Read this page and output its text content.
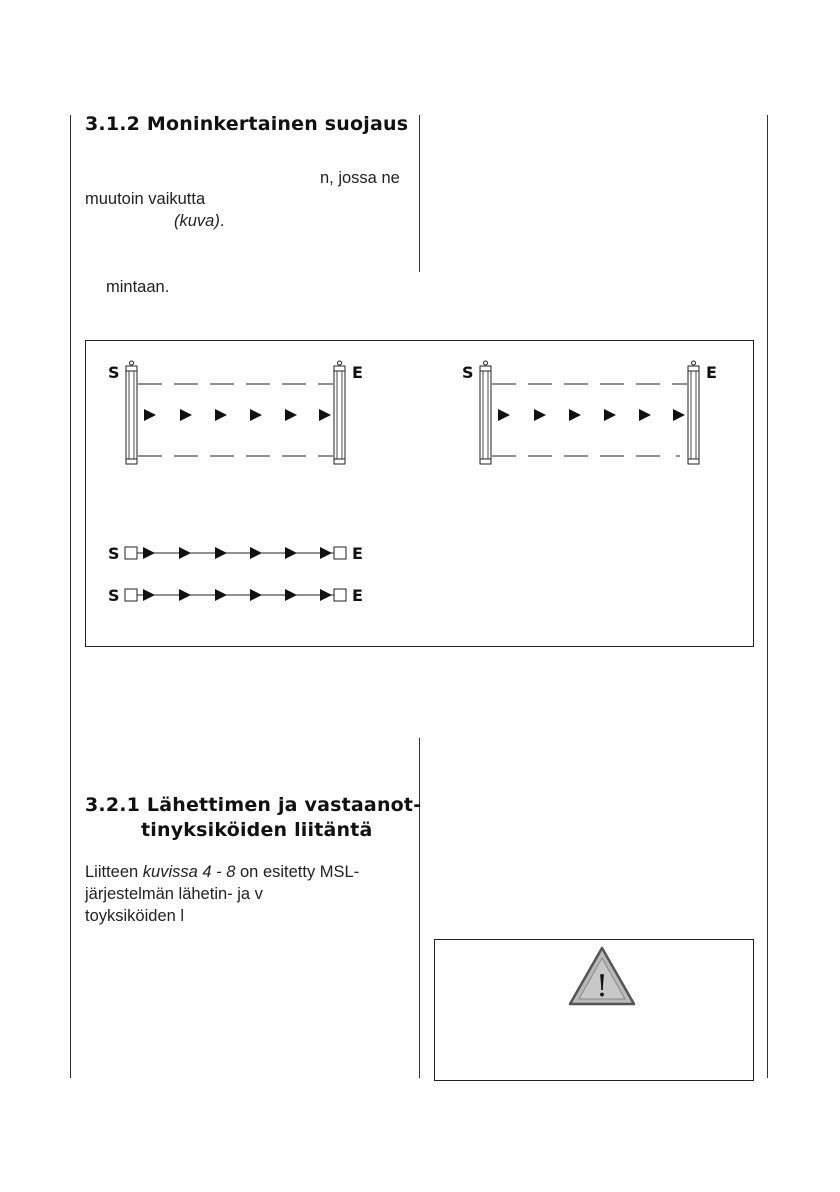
3.1.2 Moninkertainen suojaus
n, jossa ne
muutoin vaikutta
(kuva).
mintaan.
S	E	S	E
S	E
S	E
!
3.2.1 Lähettimen ja vastaanot-
tinyksiköiden liitäntä
Liitteen kuvissa 4 - 8 on esitetty MSL-
järjestelmän lähetin- ja v
toyksiköiden l
